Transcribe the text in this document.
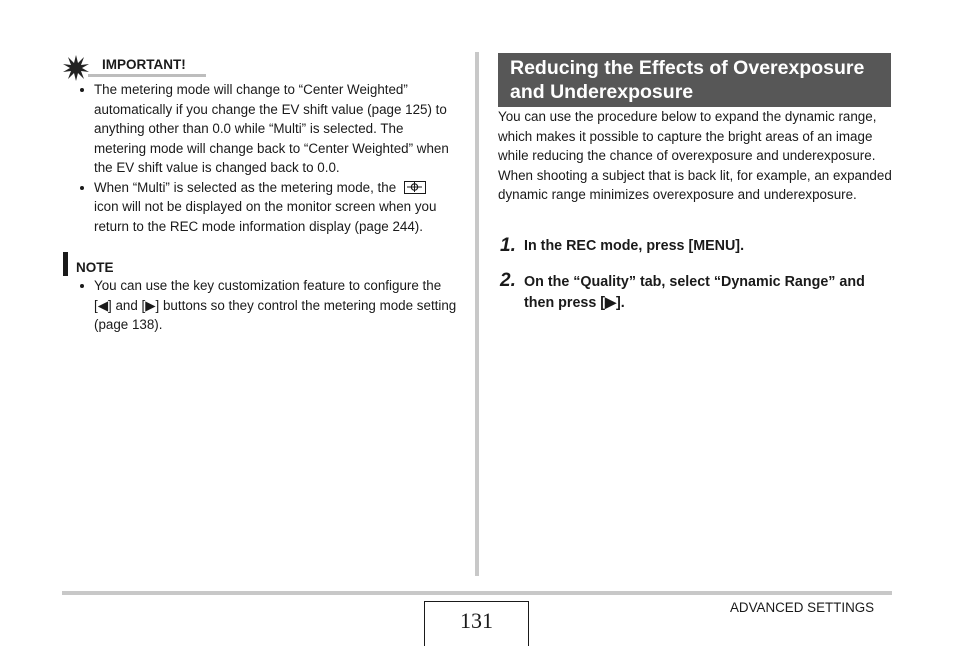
IMPORTANT!
The metering mode will change to “Center Weighted” automatically if you change the EV shift value (page 125) to anything other than 0.0 while “Multi” is selected. The metering mode will change back to “Center Weighted” when the EV shift value is changed back to 0.0.
When “Multi” is selected as the metering mode, the

icon will not be displayed on the monitor screen when you return to the REC mode information display (page 244).
NOTE
You can use the key customization feature to configure the [◀] and [▶] buttons so they control the metering mode setting (page 138).
Reducing the Effects of Overexposure and Underexposure
You can use the procedure below to expand the dynamic range, which makes it possible to capture the bright areas of an image while reducing the chance of overexposure and underexposure. When shooting a subject that is back lit, for example, an expanded dynamic range minimizes overexposure and underexposure.
1. In the REC mode, press [MENU].
2. On the “Quality” tab, select “Dynamic Range” and then press [▶].
131
ADVANCED SETTINGS
